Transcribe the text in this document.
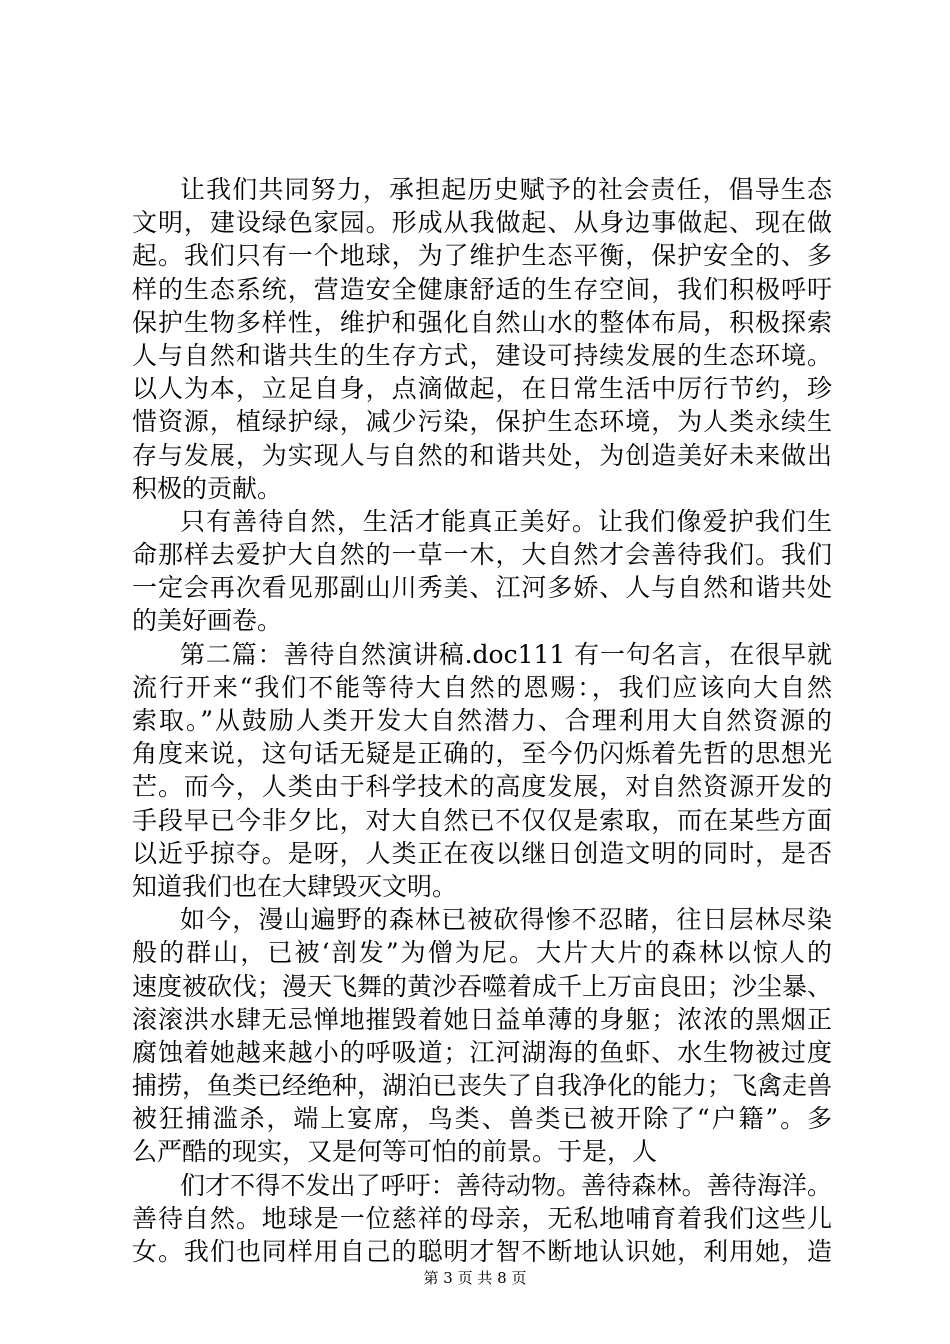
让我们共同努力，承担起历史赋予的社会责任，倡导生态
文明，建设绿色家园。形成从我做起、从身边事做起、现在做
起。我们只有一个地球，为了维护生态平衡，保护安全的、多
样的生态系统，营造安全健康舒适的生存空间，我们积极呼吁
保护生物多样性，维护和强化自然山水的整体布局，积极探索
人与自然和谐共生的生存方式，建设可持续发展的生态环境。
以人为本，立足自身，点滴做起，在日常生活中厉行节约，珍
惜资源，植绿护绿，减少污染，保护生态环境，为人类永续生
存与发展，为实现人与自然的和谐共处，为创造美好未来做出
积极的贡献。
只有善待自然，生活才能真正美好。让我们像爱护我们生
命那样去爱护大自然的一草一木，大自然才会善待我们。我们
一定会再次看见那副山川秀美、江河多娇、人与自然和谐共处
的美好画卷。
第二篇：善待自然演讲稿.doc111 有一句名言，在很早就
流行开来“我们不能等待大自然的恩赐：，我们应该向大自然
索取。”从鼓励人类开发大自然潜力、合理利用大自然资源的
角度来说，这句话无疑是正确的，至今仍闪烁着先哲的思想光
芒。而今，人类由于科学技术的高度发展，对自然资源开发的
手段早已今非夕比，对大自然已不仅仅是索取，而在某些方面
以近乎掠夺。是呀，人类正在夜以继日创造文明的同时，是否
知道我们也在大肆毁灭文明。
如今，漫山遍野的森林已被砍得惨不忍睹，往日层林尽染
般的群山，已被‘剖发”为僧为尼。大片大片的森林以惊人的
速度被砍伐；漫天飞舞的黄沙吞噬着成千上万亩良田；沙尘暴、
滚滚洪水肆无忌惮地摧毁着她日益单薄的身躯；浓浓的黑烟正
腐蚀着她越来越小的呼吸道；江河湖海的鱼虾、水生物被过度
捕捞，鱼类已经绝种，湖泊已丧失了自我净化的能力；飞禽走兽
被狂捕滥杀，端上宴席，鸟类、兽类已被开除了“户籍”。多
么严酷的现实，又是何等可怕的前景。于是，人
们才不得不发出了呼吁：善待动物。善待森林。善待海洋。
善待自然。地球是一位慈祥的母亲，无私地哺育着我们这些儿
女。我们也同样用自己的聪明才智不断地认识她，利用她，造
第 3 页 共 8 页
